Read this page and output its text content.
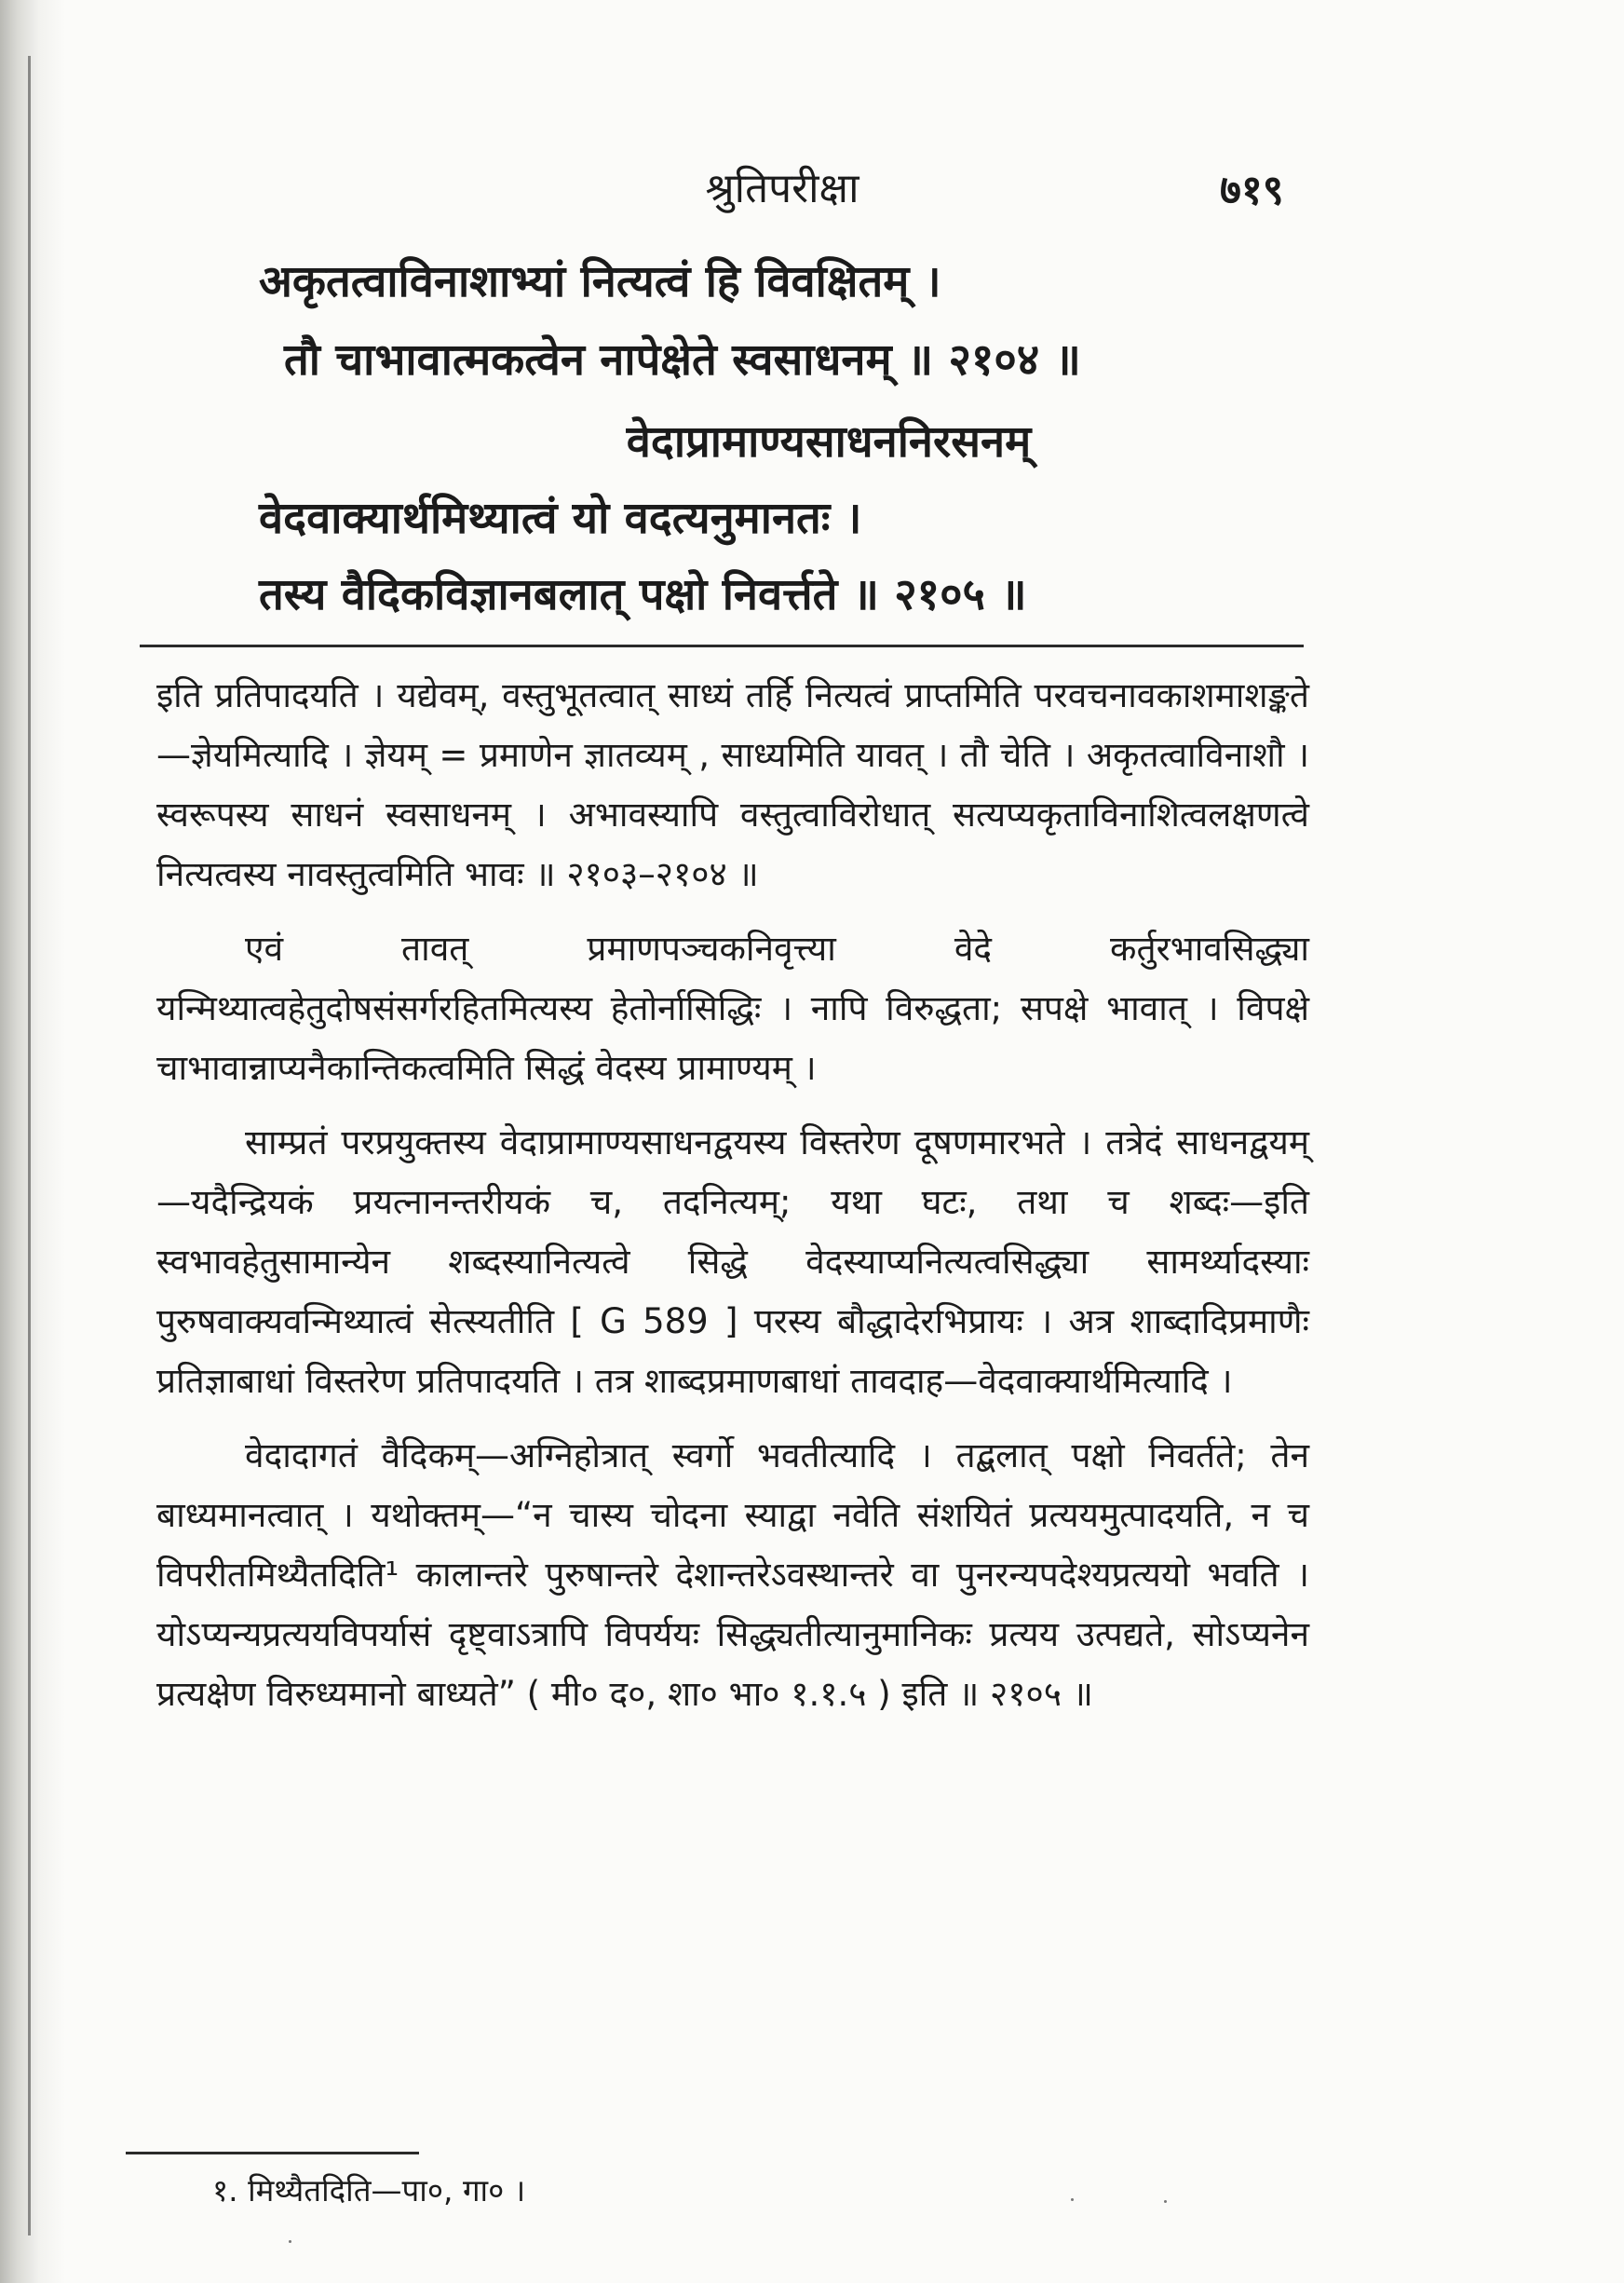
श्रुतिपरीक्षा	७१९
अकृतत्वाविनाशाभ्यां नित्यत्वं हि विवक्षितम् ।
तौ चाभावात्मकत्वेन नापेक्षेते स्वसाधनम् ॥ २१०४ ॥
वेदाप्रामाण्यसाधननिरसनम्
वेदवाक्यार्थमिथ्यात्वं यो वदत्यनुमानतः ।
तस्य वैदिकविज्ञानबलात् पक्षो निवर्त्तते ॥ २१०५ ॥

इति प्रतिपादयति । यद्येवम्, वस्तुभूतत्वात् साध्यं तर्हि नित्यत्वं प्राप्तमिति परवचनावकाशमाशङ्कते—ज्ञेयमित्यादि । ज्ञेयम् = प्रमाणेन ज्ञातव्यम् , साध्यमिति यावत् । तौ चेति । अकृतत्वाविनाशौ । स्वरूपस्य साधनं स्वसाधनम् । अभावस्यापि वस्तुत्वाविरोधात् सत्यप्यकृताविनाशित्वलक्षणत्वे नित्यत्वस्य नावस्तुत्वमिति भावः ॥ २१०३–२१०४ ॥

एवं तावत् प्रमाणपञ्चकनिवृत्त्या वेदे कर्तुरभावसिद्ध्या यन्मिथ्यात्वहेतुदोषसंसर्गरहितमित्यस्य हेतोर्नासिद्धिः । नापि विरुद्धता; सपक्षे भावात् । विपक्षे चाभावान्नाप्यनैकान्तिकत्वमिति सिद्धं वेदस्य प्रामाण्यम् ।

साम्प्रतं परप्रयुक्तस्य वेदाप्रामाण्यसाधनद्वयस्य विस्तरेण दूषणमारभते । तत्रेदं साधनद्वयम्—यदैन्द्रियकं प्रयत्नानन्तरीयकं च, तदनित्यम्; यथा घटः, तथा च शब्दः—इति स्वभावहेतुसामान्येन शब्दस्यानित्यत्वे सिद्धे वेदस्याप्यनित्यत्वसिद्ध्या सामर्थ्यादस्याः पुरुषवाक्यवन्मिथ्यात्वं सेत्स्यतीति [ G 589 ] परस्य बौद्धादेरभिप्रायः । अत्र शाब्दादिप्रमाणैः प्रतिज्ञाबाधां विस्तरेण प्रतिपादयति । तत्र शाब्दप्रमाणबाधां तावदाह—वेदवाक्यार्थमित्यादि ।

वेदादागतं वैदिकम्—अग्निहोत्रात् स्वर्गो भवतीत्यादि । तद्बलात् पक्षो निवर्तते; तेन बाध्यमानत्वात् । यथोक्तम्—“न चास्य चोदना स्याद्वा नवेति संशयितं प्रत्ययमुत्पादयति, न च विपरीतमिथ्यैतदिति¹ कालान्तरे पुरुषान्तरे देशान्तरेऽवस्थान्तरे वा पुनरन्यपदेश्यप्रत्ययो भवति । योऽप्यन्यप्रत्ययविपर्यासं दृष्ट्वाऽत्रापि विपर्ययः सिद्ध्यतीत्यानुमानिकः प्रत्यय उत्पद्यते, सोऽप्यनेन प्रत्यक्षेण विरुध्यमानो बाध्यते” ( मी० द०, शा० भा० १.१.५ ) इति ॥ २१०५ ॥

१. मिथ्यैतदिति—पा०, गा० ।
